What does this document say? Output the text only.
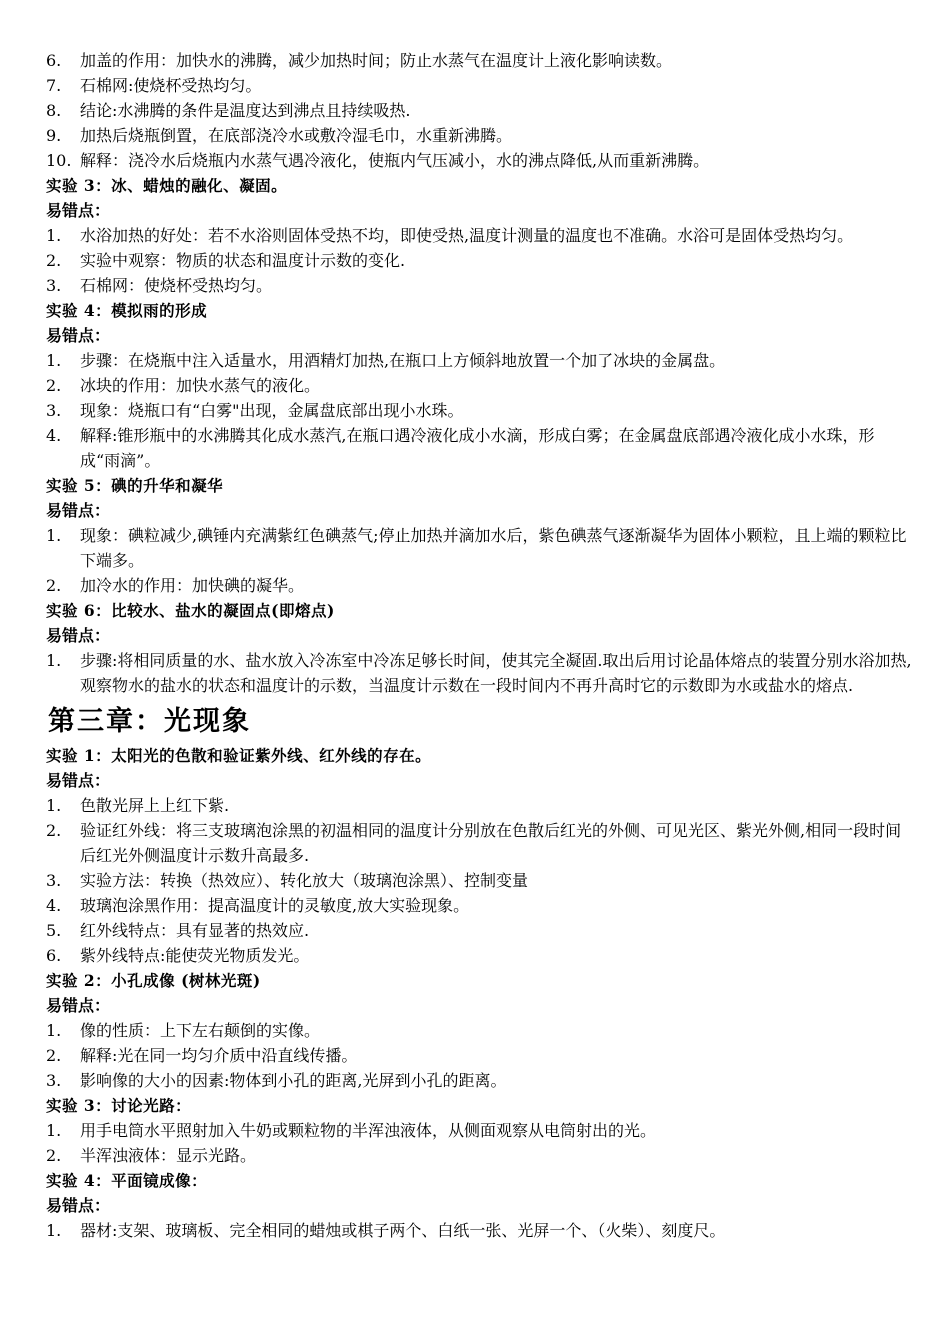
6.	加盖的作用：加快水的沸腾，减少加热时间；防止水蒸气在温度计上液化影响读数。
7.	石棉网:使烧杯受热均匀。
8.	结论:水沸腾的条件是温度达到沸点且持续吸热.
9.	加热后烧瓶倒置，在底部浇冷水或敷冷湿毛巾，水重新沸腾。
10. 解释：浇冷水后烧瓶内水蒸气遇冷液化，使瓶内气压减小，水的沸点降低,从而重新沸腾。
实验 3：冰、蜡烛的融化、凝固。
易错点：
1.	水浴加热的好处：若不水浴则固体受热不均，即使受热,温度计测量的温度也不准确。水浴可是固体受热均匀。
2.	实验中观察：物质的状态和温度计示数的变化.
3.	石棉网：使烧杯受热均匀。
实验 4：模拟雨的形成
易错点：
1.	步骤：在烧瓶中注入适量水，用酒精灯加热,在瓶口上方倾斜地放置一个加了冰块的金属盘。
2.	冰块的作用：加快水蒸气的液化。
3.	现象：烧瓶口有“白雾"出现，金属盘底部出现小水珠。
4.	解释:锥形瓶中的水沸腾其化成水蒸汽,在瓶口遇冷液化成小水滴，形成白雾；在金属盘底部遇冷液化成小水珠，形成“雨滴”。
实验 5：碘的升华和凝华
易错点：
1.	现象：碘粒减少,碘锤内充满紫红色碘蒸气;停止加热并滴加水后，紫色碘蒸气逐渐凝华为固体小颗粒，且上端的颗粒比下端多。
2.	加冷水的作用：加快碘的凝华。
实验 6：比较水、盐水的凝固点(即熔点)
易错点：
1.	步骤:将相同质量的水、盐水放入冷冻室中冷冻足够长时间，使其完全凝固.取出后用讨论晶体熔点的装置分别水浴加热,观察物水的盐水的状态和温度计的示数，当温度计示数在一段时间内不再升高时它的示数即为水或盐水的熔点.
第三章：光现象
实验 1：太阳光的色散和验证紫外线、红外线的存在。
易错点：
1.	色散光屏上上红下紫.
2.	验证红外线：将三支玻璃泡涂黑的初温相同的温度计分别放在色散后红光的外侧、可见光区、紫光外侧,相同一段时间后红光外侧温度计示数升高最多.
3.	实验方法：转换（热效应）、转化放大（玻璃泡涂黑）、控制变量
4.	玻璃泡涂黑作用：提高温度计的灵敏度,放大实验现象。
5.	红外线特点：具有显著的热效应.
6.	紫外线特点:能使荧光物质发光。
实验 2：小孔成像 (树林光斑)
易错点：
1.	像的性质：上下左右颠倒的实像。
2.	解释:光在同一均匀介质中沿直线传播。
3.	影响像的大小的因素:物体到小孔的距离,光屏到小孔的距离。
实验 3：讨论光路：
1.	用手电筒水平照射加入牛奶或颗粒物的半浑浊液体，从侧面观察从电筒射出的光。
2.	半浑浊液体：显示光路。
实验 4：平面镜成像：
易错点：
1.	器材:支架、玻璃板、完全相同的蜡烛或棋子两个、白纸一张、光屏一个、（火柴）、刻度尺。
